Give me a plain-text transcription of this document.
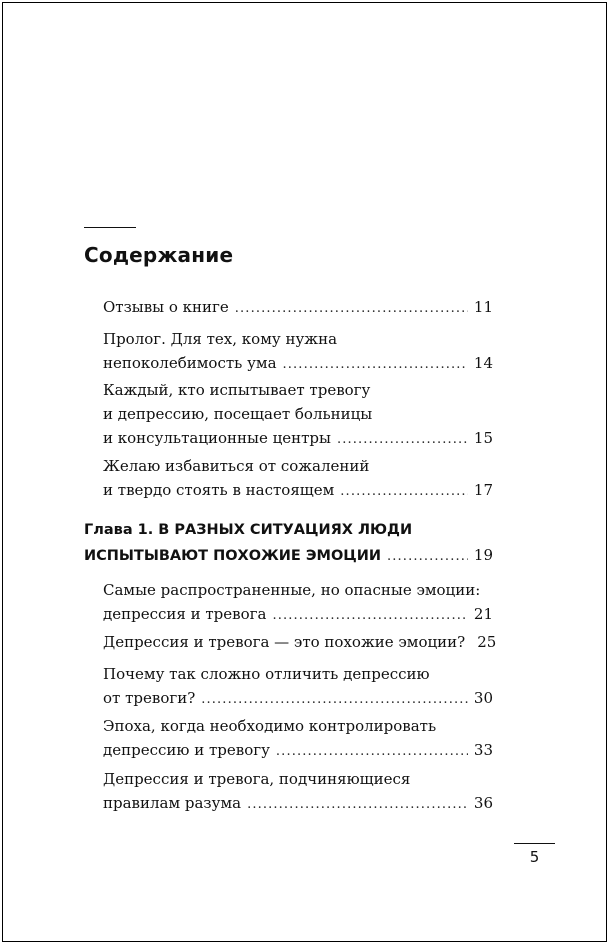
Содержание
Отзывы о книге . . .	11
Пролог. Для тех, кому нужна
непоколебимость ума . . .	14
Каждый, кто испытывает тревогу
и депрессию, посещает больницы
и консультационные центры . . .	15
Желаю избавиться от сожалений
и твердо стоять в настоящем . . .	17
Глава 1. В РАЗНЫХ СИТУАЦИЯХ ЛЮДИ
ИСПЫТЫВАЮТ ПОХОЖИЕ ЭМОЦИИ . . .	19
Самые распространенные, но опасные эмоции:
депрессия и тревога . . .	21
Депрессия и тревога — это похожие эмоции? 25
Почему так сложно отличить депрессию
от тревоги? . . .	30
Эпоха, когда необходимо контролировать
депрессию и тревогу . . .	33
Депрессия и тревога, подчиняющиеся
правилам разума . . .	36
5
